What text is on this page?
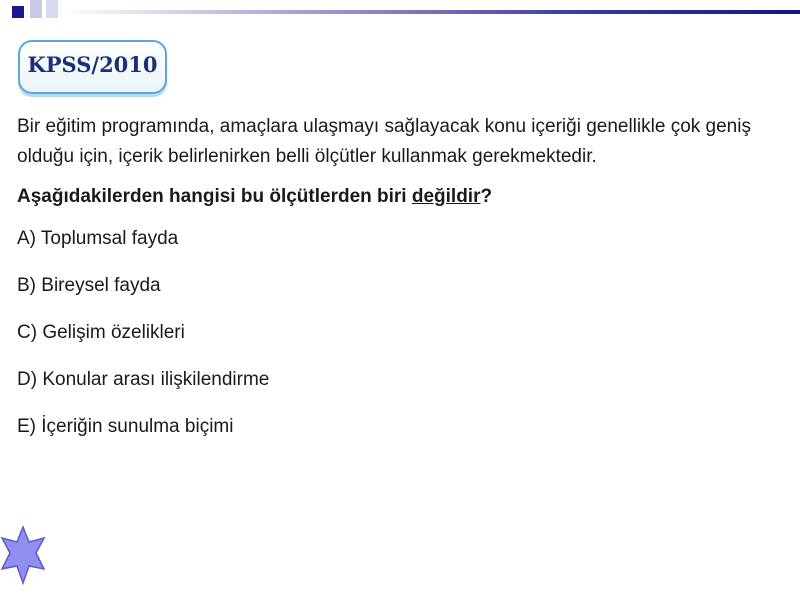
KPSS/2010

Bir eğitim programında, amaçlara ulaşmayı sağlayacak konu içeriği genellikle çok geniş olduğu için, içerik belirlenirken belli ölçütler kullanmak gerekmektedir.

Aşağıdakilerden hangisi bu ölçütlerden biri değildir?

A) Toplumsal fayda
B) Bireysel fayda
C) Gelişim özelikleri
D) Konular arası ilişkilendirme
E) İçeriğin sunulma biçimi
